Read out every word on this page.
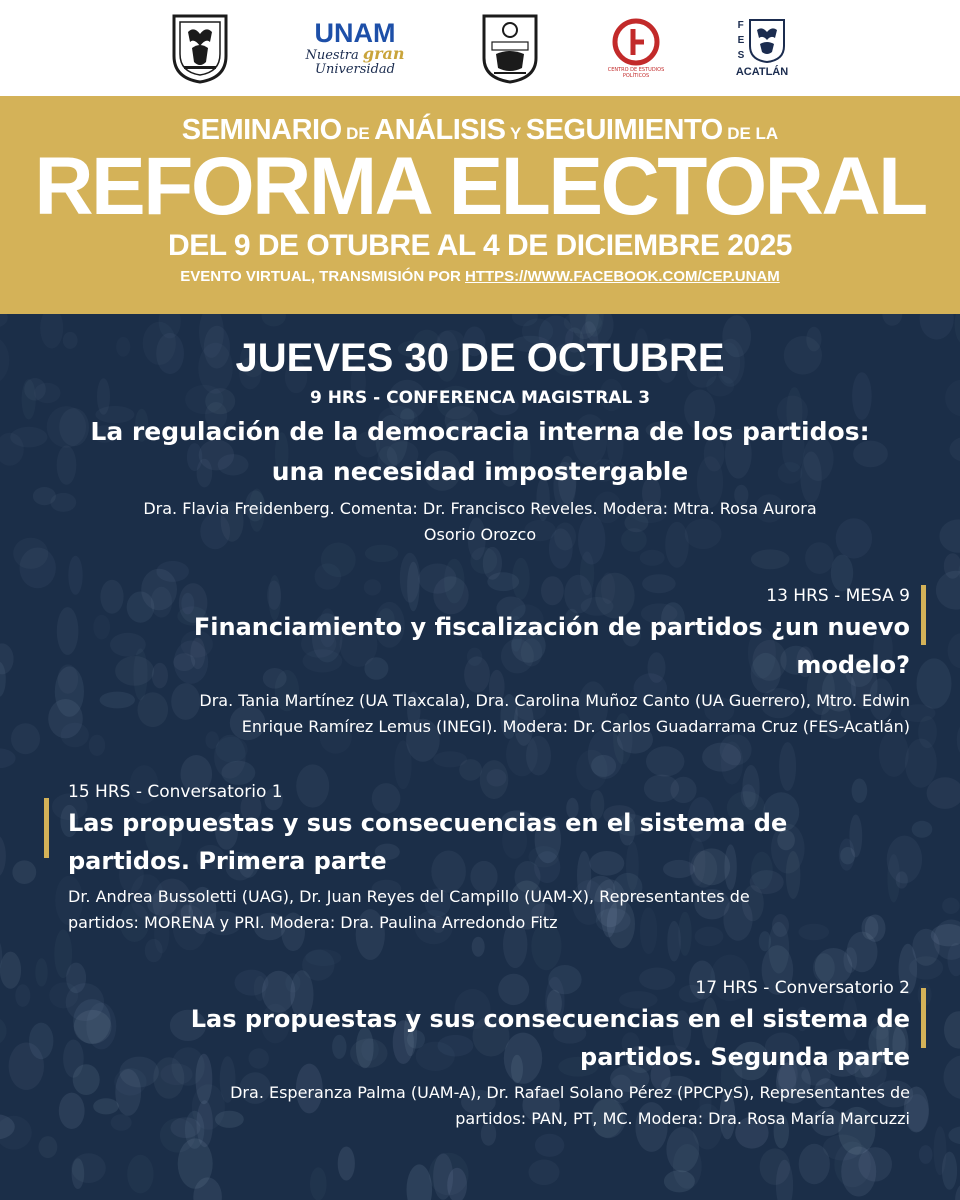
UNAM
Nuestra gran
Universidad	CENTRO DE ESTUDIOS POLÍTICOS
F
E
S
ACATLÁN
SEMINARIO DE ANÁLISIS Y SEGUIMIENTO DE LA
REFORMA ELECTORAL
DEL 9 DE OTUBRE AL 4 DE DICIEMBRE 2025
EVENTO VIRTUAL, TRANSMISIÓN POR HTTPS://WWW.FACEBOOK.COM/CEP.UNAM
JUEVES 30 DE OCTUBRE
9 HRS - CONFERENCA MAGISTRAL 3
La regulación de la democracia interna de los partidos:
una necesidad impostergable
Dra. Flavia Freidenberg. Comenta: Dr. Francisco Reveles. Modera: Mtra. Rosa Aurora
Osorio Orozco
13 HRS - MESA 9
Financiamiento y fiscalización de partidos ¿un nuevo
modelo?
Dra. Tania Martínez (UA Tlaxcala), Dra. Carolina Muñoz Canto (UA Guerrero), Mtro. Edwin
Enrique Ramírez Lemus (INEGI). Modera: Dr. Carlos Guadarrama Cruz (FES-Acatlán)
15 HRS - Conversatorio 1
Las propuestas y sus consecuencias en el sistema de
partidos. Primera parte
Dr. Andrea Bussoletti (UAG), Dr. Juan Reyes del Campillo (UAM-X), Representantes de
partidos: MORENA y PRI. Modera: Dra. Paulina Arredondo Fitz
17 HRS - Conversatorio 2
Las propuestas y sus consecuencias en el sistema de
partidos. Segunda parte
Dra. Esperanza Palma (UAM-A), Dr. Rafael Solano Pérez (PPCPyS), Representantes de
partidos: PAN, PT, MC. Modera: Dra. Rosa María Marcuzzi
